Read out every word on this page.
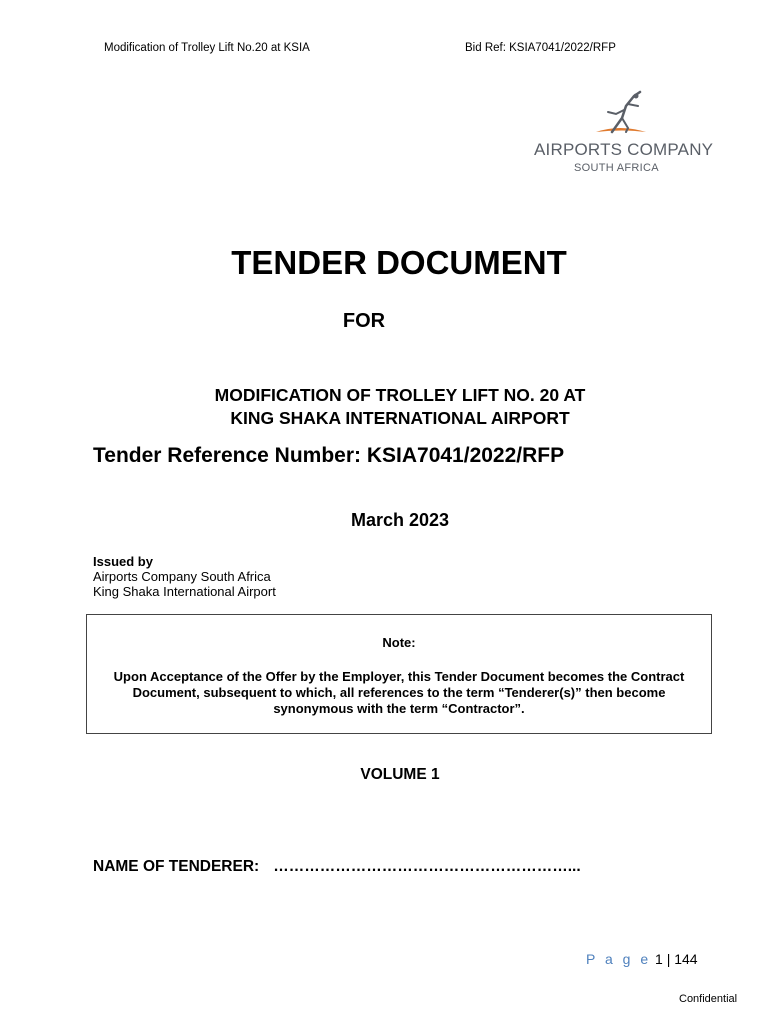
Modification of Trolley Lift No.20 at KSIA	Bid Ref: KSIA7041/2022/RFP
AIRPORTS COMPANY
SOUTH AFRICA
TENDER DOCUMENT
FOR
MODIFICATION OF TROLLEY LIFT NO. 20 AT
KING SHAKA INTERNATIONAL AIRPORT
Tender Reference Number: KSIA7041/2022/RFP
March 2023
Issued by
Airports Company South Africa
King Shaka International Airport
Note:
Upon Acceptance of the Offer by the Employer, this Tender Document becomes the Contract Document, subsequent to which, all references to the term “Tenderer(s)” then become synonymous with the term “Contractor”.
VOLUME 1
NAME OF TENDERER: …………………………………………………...
P a g e 1 | 144
Confidential
